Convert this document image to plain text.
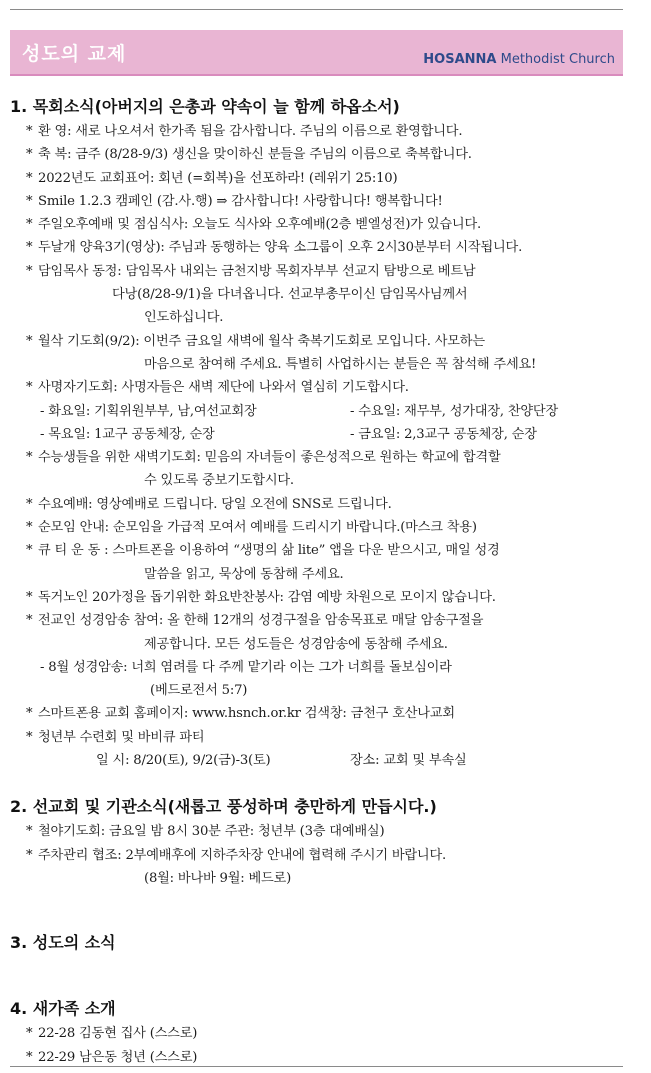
성도의 교제	HOSANNA Methodist Church
1. 목회소식(아버지의 은총과 약속이 늘 함께 하옵소서)
* 환 영: 새로 나오셔서 한가족 됨을 감사합니다. 주님의 이름으로 환영합니다.
* 축 복: 금주 (8/28-9/3) 생신을 맞이하신 분들을 주님의 이름으로 축복합니다.
* 2022년도 교회표어: 회년 (=회복)을 선포하라! (레위기 25:10)
* Smile 1.2.3 캠페인 (감.사.행) ⇒ 감사합니다! 사랑합니다! 행복합니다!
* 주일오후예배 및 점심식사: 오늘도 식사와 오후예배(2층 벧엘성전)가 있습니다.
* 두날개 양육3기(영상): 주님과 동행하는 양육 소그룹이 오후 2시30분부터 시작됩니다.
* 담임목사 동정: 담임목사 내외는 금천지방 목회자부부 선교지 탐방으로 베트남
다낭(8/28-9/1)을 다녀옵니다. 선교부총무이신 담임목사님께서
인도하십니다.
* 월삭 기도회(9/2): 이번주 금요일 새벽에 월삭 축복기도회로 모입니다. 사모하는
마음으로 참여해 주세요. 특별히 사업하시는 분들은 꼭 참석해 주세요!
* 사명자기도회: 사명자들은 새벽 제단에 나와서 열심히 기도합시다.
- 화요일: 기획위원부부, 남,여선교회장	- 수요일: 재무부, 성가대장, 찬양단장
- 목요일: 1교구 공동체장, 순장	- 금요일: 2,3교구 공동체장, 순장
* 수능생들을 위한 새벽기도회: 믿음의 자녀들이 좋은성적으로 원하는 학교에 합격할
수 있도록 중보기도합시다.
* 수요예배: 영상예배로 드립니다. 당일 오전에 SNS로 드립니다.
* 순모임 안내: 순모임을 가급적 모여서 예배를 드리시기 바랍니다.(마스크 착용)
* 큐 티 운 동 : 스마트폰을 이용하여 “생명의 삶 lite” 앱을 다운 받으시고, 매일 성경
말씀을 읽고, 묵상에 동참해 주세요.
* 독거노인 20가정을 돕기위한 화요반찬봉사: 감염 예방 차원으로 모이지 않습니다.
* 전교인 성경암송 참여: 올 한해 12개의 성경구절을 암송목표로 매달 암송구절을
제공합니다. 모든 성도들은 성경암송에 동참해 주세요.
- 8월 성경암송: 너희 염려를 다 주께 맡기라 이는 그가 너희를 돌보심이라
(베드로전서 5:7)
* 스마트폰용 교회 홈페이지: www.hsnch.or.kr 검색창: 금천구 호산나교회
* 청년부 수련회 및 바비큐 파티
일 시: 8/20(토), 9/2(금)-3(토)	장소: 교회 및 부속실
2. 선교회 및 기관소식(새롭고 풍성하며 충만하게 만듭시다.)
* 철야기도회: 금요일 밤 8시 30분 주관: 청년부 (3층 대예배실)
* 주차관리 협조: 2부예배후에 지하주차장 안내에 협력해 주시기 바랍니다.
(8월: 바나바 9월: 베드로)
3. 성도의 소식
4. 새가족 소개
* 22-28 김동현 집사 (스스로)
* 22-29 남은동 청년 (스스로)
